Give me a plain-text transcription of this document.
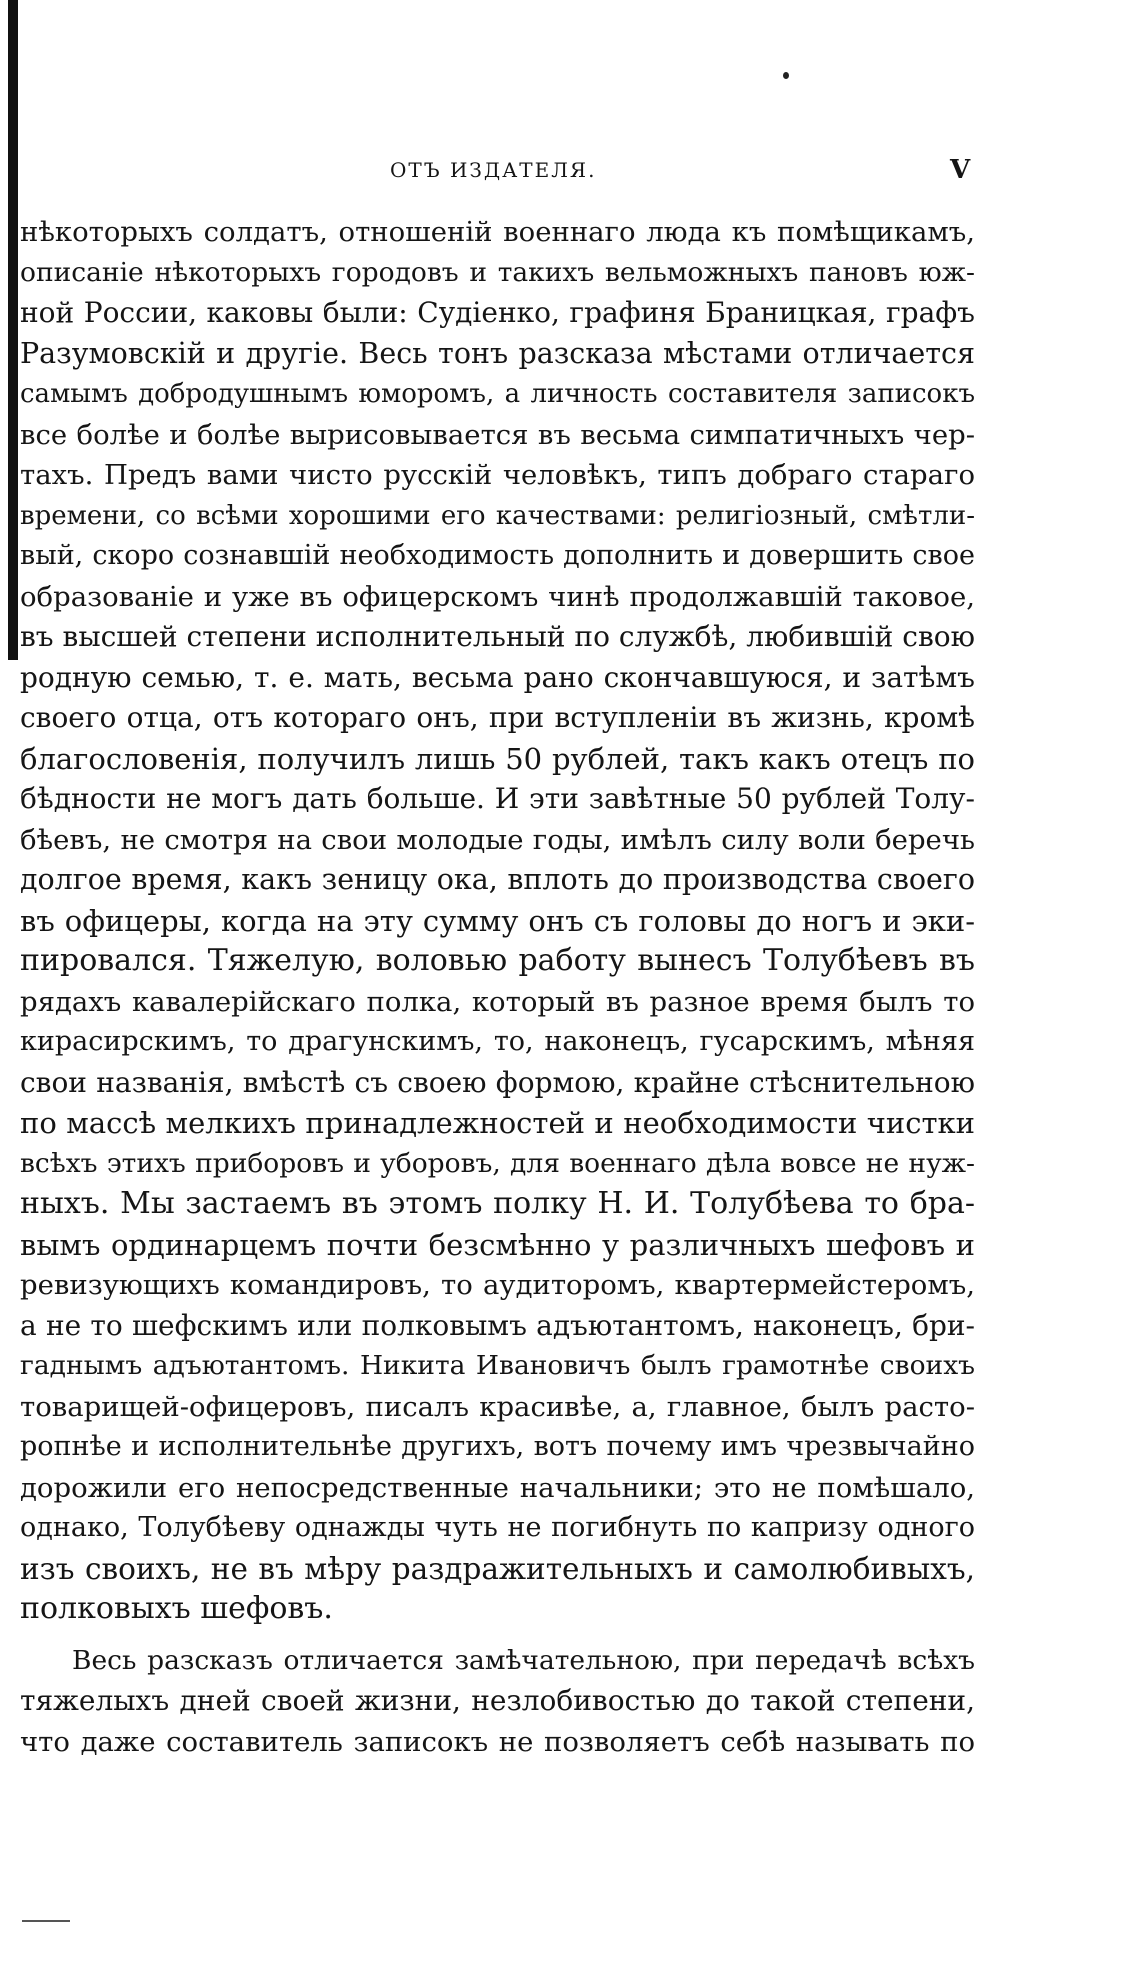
ОТЪ ИЗДАТЕЛЯ.	V
нѣкоторыхъ солдатъ, отношеній военнаго люда къ помѣщикамъ,
описаніе нѣкоторыхъ городовъ и такихъ вельможныхъ пановъ юж-
ной России, каковы были: Судіенко, графиня Браницкая, графъ
Разумовскій и другіе. Весь тонъ разсказа мѣстами отличается
самымъ добродушнымъ юморомъ, а личность составителя записокъ
все болѣе и болѣе вырисовывается въ весьма симпатичныхъ чер-
тахъ. Предъ вами чисто русскій человѣкъ, типъ добраго стараго
времени, со всѣми хорошими его качествами: религіозный, смѣтли-
вый, скоро сознавшій необходимость дополнить и довершить свое
образованіе и уже въ офицерскомъ чинѣ продолжавшій таковое,
въ высшей степени исполнительный по службѣ, любившій свою
родную семью, т. е. мать, весьма рано скончавшуюся, и затѣмъ
своего отца, отъ котораго онъ, при вступленіи въ жизнь, кромѣ
благословенія, получилъ лишь 50 рублей, такъ какъ отецъ по
бѣдности не могъ дать больше. И эти завѣтные 50 рублей Толу-
бѣевъ, не смотря на свои молодые годы, имѣлъ силу воли беречь
долгое время, какъ зеницу ока, вплоть до производства своего
въ офицеры, когда на эту сумму онъ съ головы до ногъ и эки-
пировался. Тяжелую, воловью работу вынесъ Толубѣевъ въ
рядахъ кавалерійскаго полка, который въ разное время былъ то
кирасирскимъ, то драгунскимъ, то, наконецъ, гусарскимъ, мѣняя
свои названія, вмѣстѣ съ своею формою, крайне стѣснительною
по массѣ мелкихъ принадлежностей и необходимости чистки
всѣхъ этихъ приборовъ и уборовъ, для военнаго дѣла вовсе не нуж-
ныхъ. Мы застаемъ въ этомъ полку Н. И. Толубѣева то бра-
вымъ ординарцемъ почти безсмѣнно у различныхъ шефовъ и
ревизующихъ командировъ, то аудиторомъ, квартермейстеромъ,
а не то шефскимъ или полковымъ адъютантомъ, наконецъ, бри-
гаднымъ адъютантомъ. Никита Ивановичъ былъ грамотнѣе своихъ
товарищей-офицеровъ, писалъ красивѣе, а, главное, былъ расто-
ропнѣе и исполнительнѣе другихъ, вотъ почему имъ чрезвычайно
дорожили его непосредственные начальники; это не помѣшало,
однако, Толубѣеву однажды чуть не погибнуть по капризу одного
изъ своихъ, не въ мѣру раздражительныхъ и самолюбивыхъ,
полковыхъ шефовъ.
Весь разсказъ отличается замѣчательною, при передачѣ всѣхъ
тяжелыхъ дней своей жизни, незлобивостью до такой степени,
что даже составитель записокъ не позволяетъ себѣ называть по
